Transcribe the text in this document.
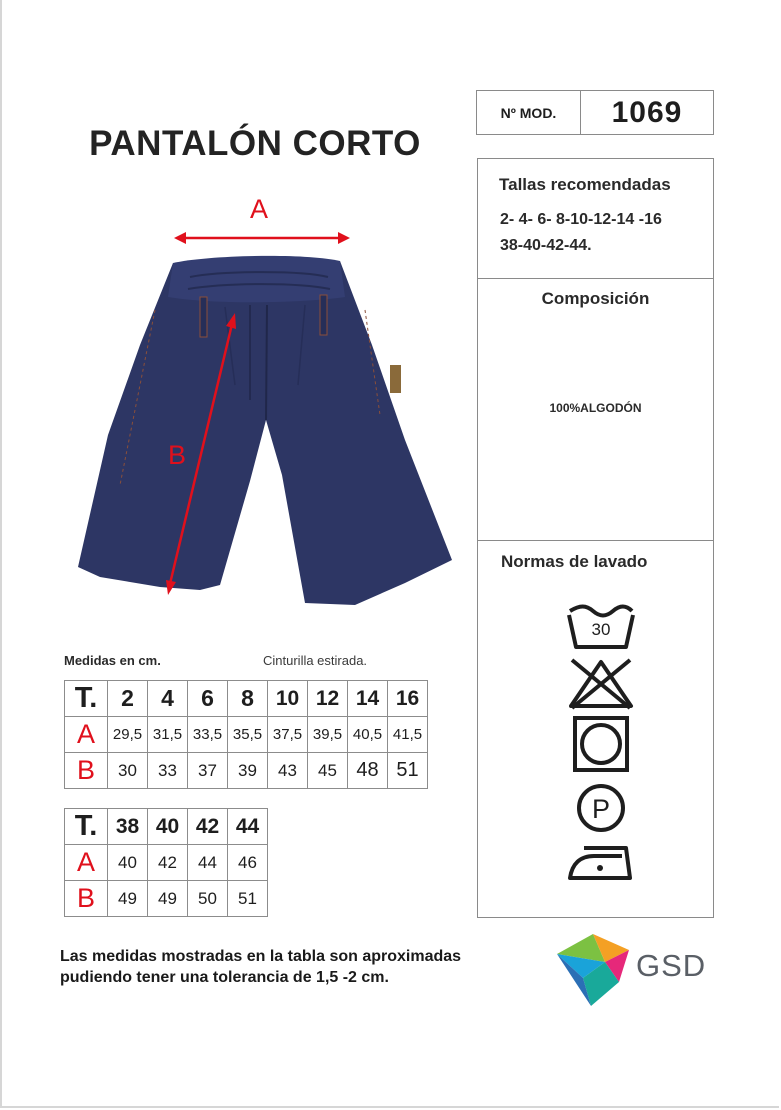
Nº MOD.	1069
PANTALÓN CORTO
A
B
Tallas recomendadas
2- 4- 6- 8-10-12-14 -16
38-40-42-44.
Composición
100%ALGODÓN
Normas de lavado
30
P
Medidas en cm.	Cinturilla estirada.
T.	2	4	6	8	10	12	14	16
A	29,5	31,5	33,5	35,5	37,5	39,5	40,5	41,5
B	30	33	37	39	43	45	48	51
T.	38	40	42	44
A	40	42	44	46
B	49	49	50	51
Las medidas mostradas en la tabla son aproximadas pudiendo tener una tolerancia de 1,5 -2 cm.	GSD
